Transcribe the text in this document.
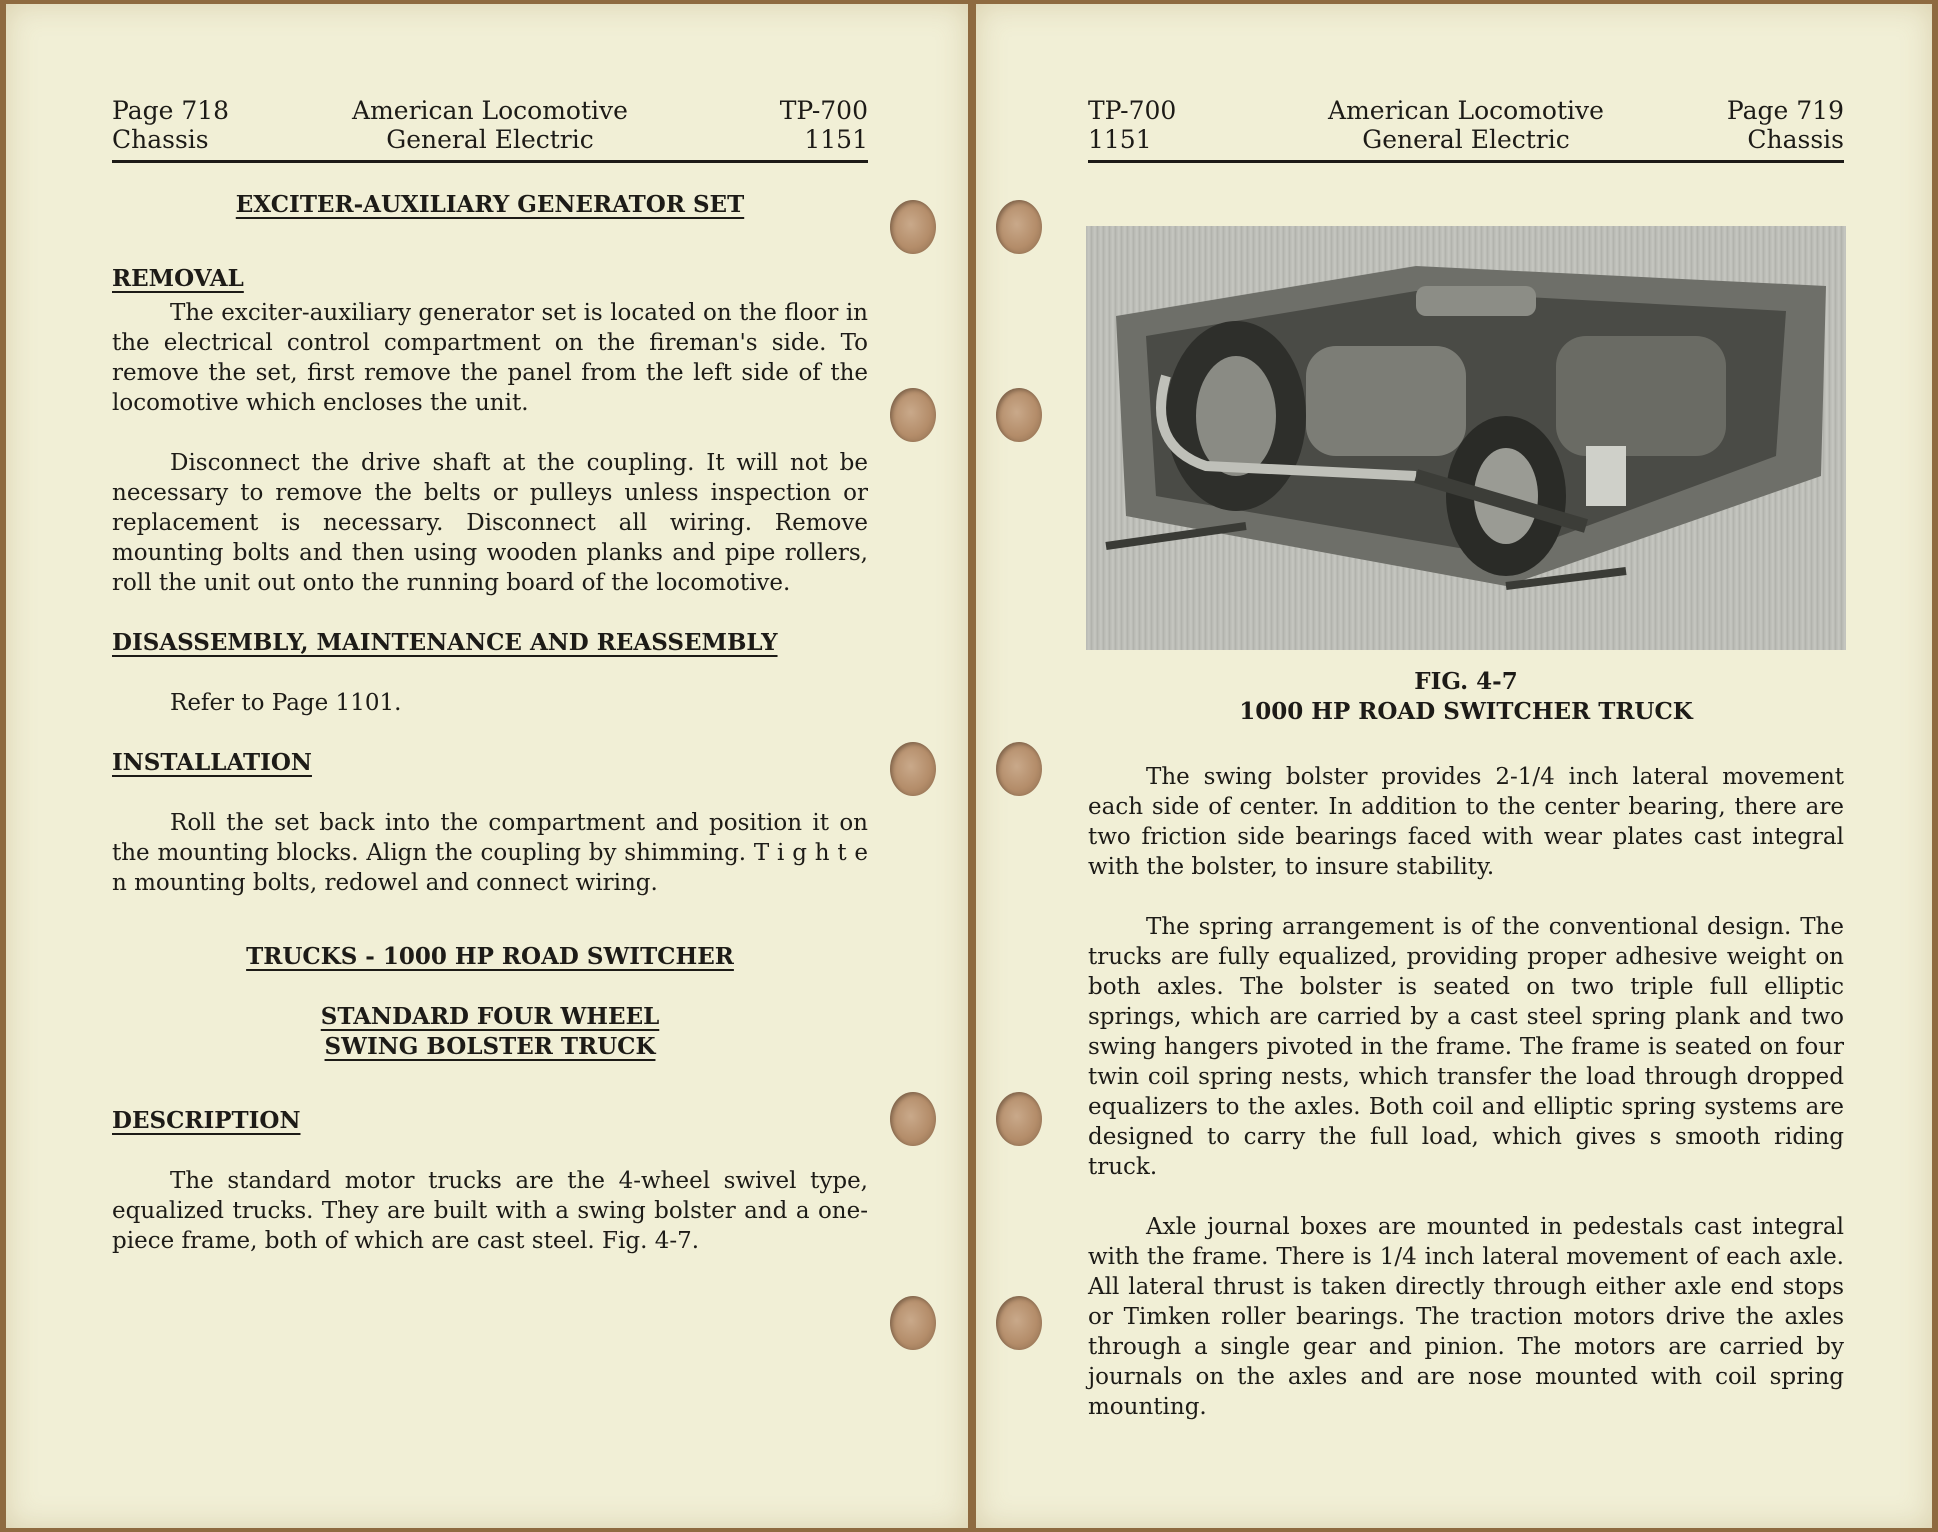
Page 718
Chassis
American Locomotive
General Electric
TP-700
1151
EXCITER-AUXILIARY GENERATOR SET
REMOVAL

The exciter-auxiliary generator set is located on the floor in the electrical control compartment on the fireman's side. To remove the set, first remove the panel from the left side of the locomotive which encloses the unit.

Disconnect the drive shaft at the coupling. It will not be necessary to remove the belts or pulleys unless inspection or replacement is necessary. Disconnect all wiring. Remove mounting bolts and then using wooden planks and pipe rollers, roll the unit out onto the running board of the locomotive.

DISASSEMBLY, MAINTENANCE AND REASSEMBLY

Refer to Page 1101.

INSTALLATION

Roll the set back into the compartment and position it on the mounting blocks. Align the coupling by shimming. T i g h t e n mounting bolts, redowel and connect wiring.

TRUCKS - 1000 HP ROAD SWITCHER
STANDARD FOUR WHEEL
SWING BOLSTER TRUCK
DESCRIPTION

The standard motor trucks are the 4-wheel swivel type, equalized trucks. They are built with a swing bolster and a one-piece frame, both of which are cast steel. Fig. 4-7.

TP-700
1151
American Locomotive
General Electric
Page 719
Chassis
FIG. 4-7
1000 HP ROAD SWITCHER TRUCK

The swing bolster provides 2-1/4 inch lateral movement each side of center. In addition to the center bearing, there are two friction side bearings faced with wear plates cast integral with the bolster, to insure stability.

The spring arrangement is of the conventional design. The trucks are fully equalized, providing proper adhesive weight on both axles. The bolster is seated on two triple full elliptic springs, which are carried by a cast steel spring plank and two swing hangers pivoted in the frame. The frame is seated on four twin coil spring nests, which transfer the load through dropped equalizers to the axles. Both coil and elliptic spring systems are designed to carry the full load, which gives s smooth riding truck.

Axle journal boxes are mounted in pedestals cast integral with the frame. There is 1/4 inch lateral movement of each axle. All lateral thrust is taken directly through either axle end stops or Timken roller bearings. The traction motors drive the axles through a single gear and pinion. The motors are carried by journals on the axles and are nose mounted with coil spring mounting.
